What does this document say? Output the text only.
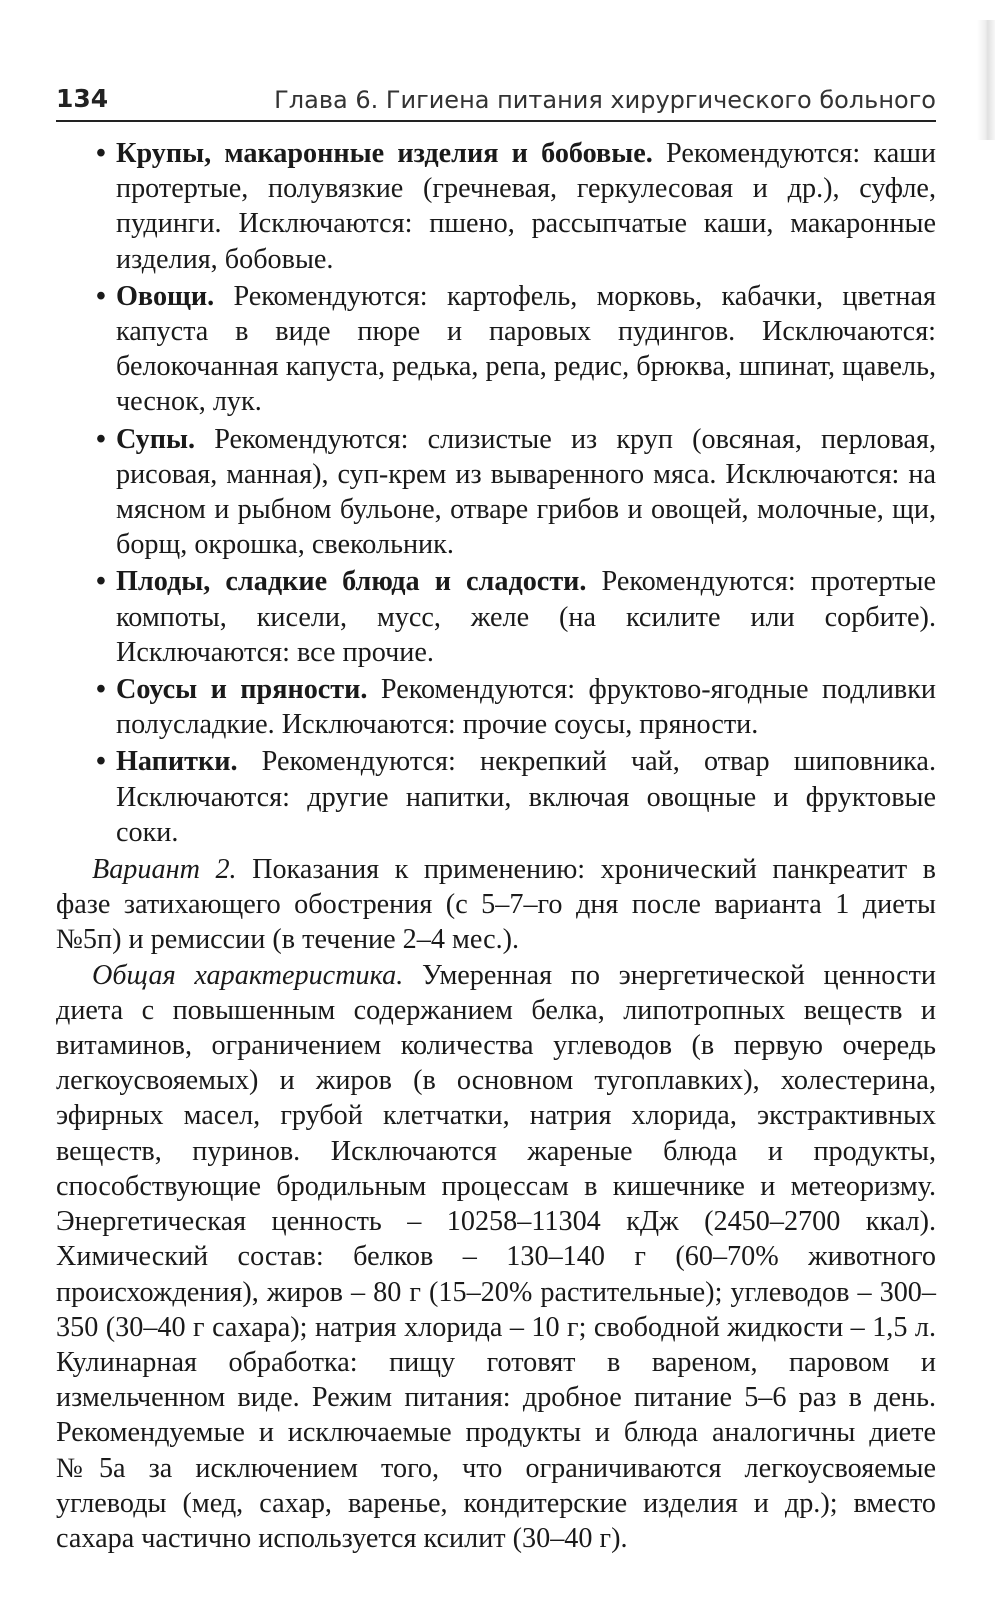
134	Глава 6. Гигиена питания хирургического больного
• Крупы, макаронные изделия и бобовые. Рекомендуются: каши протертые, полувязкие (гречневая, геркулесовая и др.), суфле, пудинги. Исключаются: пшено, рассыпчатые каши, макаронные изделия, бобовые.
• Овощи. Рекомендуются: картофель, морковь, кабачки, цветная капуста в виде пюре и паровых пудингов. Исключаются: белокочанная капуста, редька, репа, редис, брюква, шпинат, щавель, чеснок, лук.
• Супы. Рекомендуются: слизистые из круп (овсяная, перловая, рисовая, манная), суп-крем из вываренного мяса. Исключаются: на мясном и рыбном бульоне, отваре грибов и овощей, молочные, щи, борщ, окрошка, свекольник.
• Плоды, сладкие блюда и сладости. Рекомендуются: протертые компоты, кисели, мусс, желе (на ксилите или сорбите). Исключаются: все прочие.
• Соусы и пряности. Рекомендуются: фруктово-ягодные подливки полусладкие. Исключаются: прочие соусы, пряности.
• Напитки. Рекомендуются: некрепкий чай, отвар шиповника. Исключаются: другие напитки, включая овощные и фруктовые соки.

Вариант 2. Показания к применению: хронический панкреатит в фазе затихающего обострения (с 5–7–го дня после варианта 1 диеты №5п) и ремиссии (в течение 2–4 мес.).

Общая характеристика. Умеренная по энергетической ценности диета с повышенным содержанием белка, липотропных веществ и витаминов, ограничением количества углеводов (в первую очередь легкоусвояемых) и жиров (в основном тугоплавких), холестерина, эфирных масел, грубой клетчатки, натрия хлорида, экстрактивных веществ, пуринов. Исключаются жареные блюда и продукты, способствующие бродильным процессам в кишечнике и метеоризму. Энергетическая ценность – 10258–11304 кДж (2450–2700 ккал). Химический состав: белков – 130–140 г (60–70% животного происхождения), жиров – 80 г (15–20% растительные); углеводов – 300–350 (30–40 г сахара); натрия хлорида – 10 г; свободной жидкости – 1,5 л. Кулинарная обработка: пищу готовят в вареном, паровом и измельченном виде. Режим питания: дробное питание 5–6 раз в день. Рекомендуемые и исключаемые продукты и блюда аналогичны диете №5а за исключением того, что ограничиваются легкоусвояемые углеводы (мед, сахар, варенье, кондитерские изделия и др.); вместо сахара частично используется ксилит (30–40 г).
